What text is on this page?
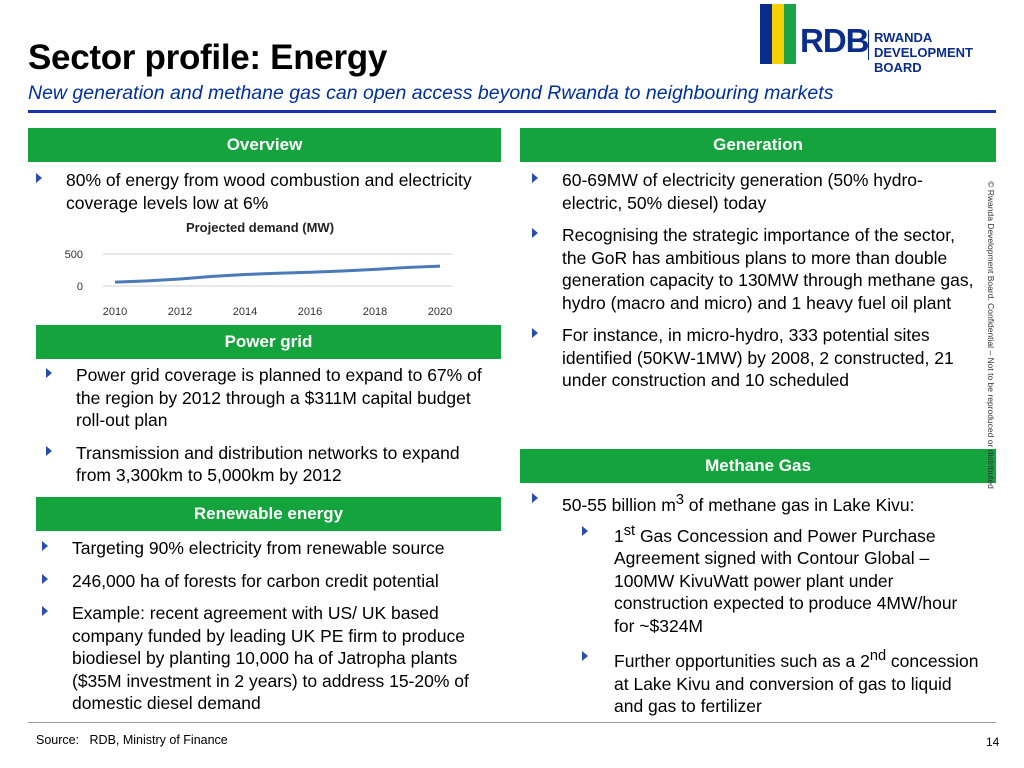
Sector profile: Energy
New generation and methane gas can open access beyond Rwanda to neighbouring markets
RDB RWANDA
DEVELOPMENT BOARD
Overview
80% of energy from wood combustion and electricity coverage levels low at 6%
Projected demand (MW)
500
0
2010	2012	2014	2016	2018	2020
Power grid
Power grid coverage is planned to expand to 67% of the region by 2012 through a $311M capital budget roll-out plan
Transmission and distribution networks to expand from 3,300km to 5,000km by 2012
Renewable energy
Targeting 90% electricity from renewable source
246,000 ha of forests for carbon credit potential
Example: recent agreement with US/ UK based company funded by leading UK PE firm to produce biodiesel by planting 10,000 ha of Jatropha plants ($35M investment in 2 years) to address 15-20% of domestic diesel demand
Generation
60-69MW of electricity generation (50% hydro-electric, 50% diesel) today
Recognising the strategic importance of the sector, the GoR has ambitious plans to more than double generation capacity to 130MW through methane gas, hydro (macro and micro) and 1 heavy fuel oil plant
For instance, in micro-hydro, 333 potential sites identified (50KW-1MW) by 2008, 2 constructed, 21 under construction and 10 scheduled
Methane Gas
50-55 billion $m^3$ of methane gas in Lake Kivu:
1st Gas Concession and Power Purchase Agreement signed with Contour Global – 100MW KivuWatt power plant under construction expected to produce 4MW/hour for ~$324M
Further opportunities such as a 2nd concession at Lake Kivu and conversion of gas to liquid and gas to fertilizer
© Rwanda Development Board. Confidential – Not to be reproduced or distributed
Source: RDB, Ministry of Finance	14
